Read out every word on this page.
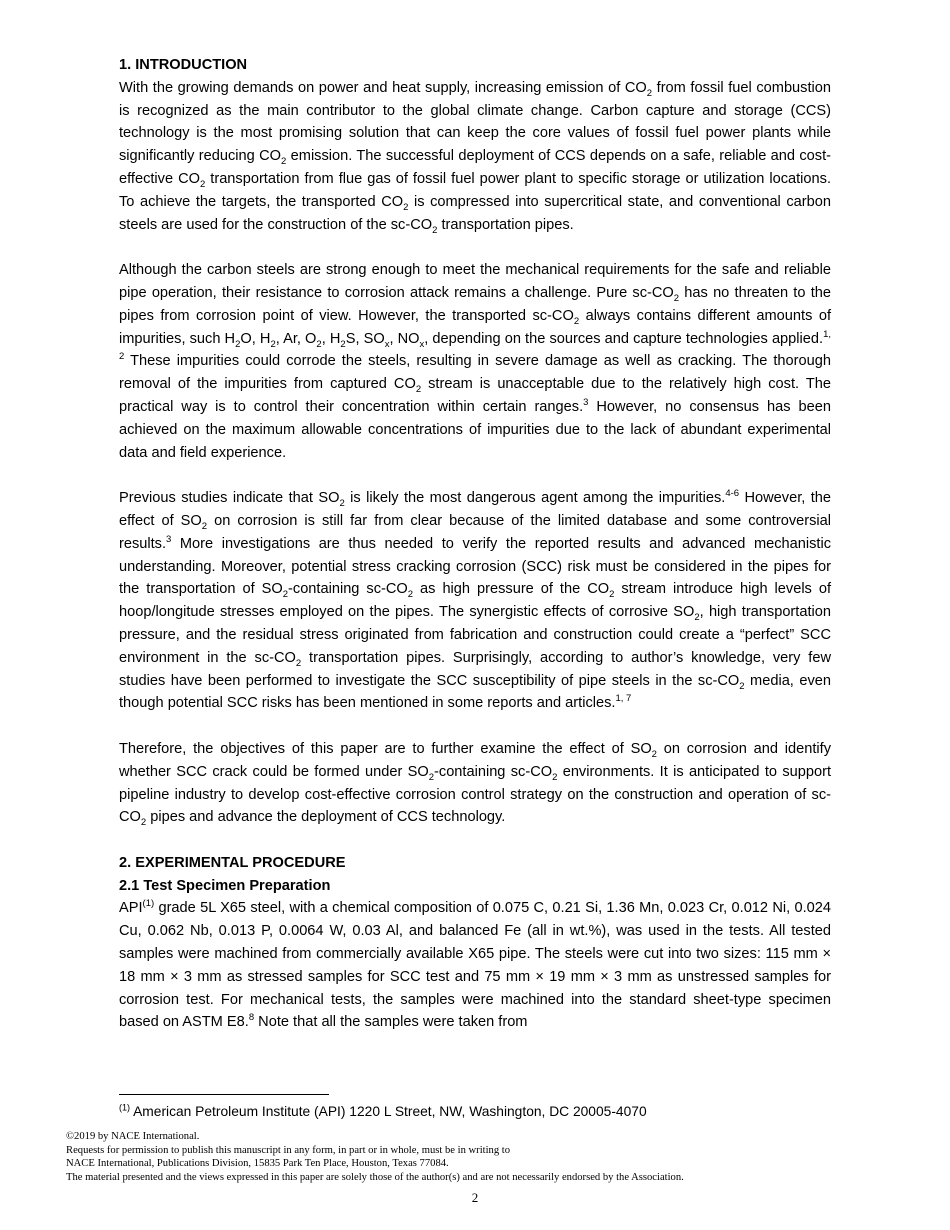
1. INTRODUCTION

With the growing demands on power and heat supply, increasing emission of $CO_2$ from fossil fuel combustion is recognized as the main contributor to the global climate change. Carbon capture and storage (CCS) technology is the most promising solution that can keep the core values of fossil fuel power plants while significantly reducing $CO_2$ emission. The successful deployment of CCS depends on a safe, reliable and cost-effective $CO_2$ transportation from flue gas of fossil fuel power plant to specific storage or utilization locations. To achieve the targets, the transported $CO_2$ is compressed into supercritical state, and conventional carbon steels are used for the construction of the $sc-CO_2$ transportation pipes.

Although the carbon steels are strong enough to meet the mechanical requirements for the safe and reliable pipe operation, their resistance to corrosion attack remains a challenge. Pure $sc-CO_2$ has no threaten to the pipes from corrosion point of view. However, the transported $sc-CO_2$ always contains different amounts of impurities, such $H_2O$, $H_2$, Ar, $O_2$, $H_2S$, $SO_x$, $NO_x$, depending on the sources and capture technologies applied.$^{1, 2}$ These impurities could corrode the steels, resulting in severe damage as well as cracking. The thorough removal of the impurities from captured $CO_2$ stream is unacceptable due to the relatively high cost. The practical way is to control their concentration within certain ranges.$^3$ However, no consensus has been achieved on the maximum allowable concentrations of impurities due to the lack of abundant experimental data and field experience.

Previous studies indicate that $SO_2$ is likely the most dangerous agent among the impurities.$^{4-6}$ However, the effect of $SO_2$ on corrosion is still far from clear because of the limited database and some controversial results.$^3$ More investigations are thus needed to verify the reported results and advanced mechanistic understanding. Moreover, potential stress cracking corrosion (SCC) risk must be considered in the pipes for the transportation of $SO_2$-containing $sc-CO_2$ as high pressure of the $CO_2$ stream introduce high levels of hoop/longitude stresses employed on the pipes. The synergistic effects of corrosive $SO_2$, high transportation pressure, and the residual stress originated from fabrication and construction could create a “perfect” SCC environment in the $sc-CO_2$ transportation pipes. Surprisingly, according to author’s knowledge, very few studies have been performed to investigate the SCC susceptibility of pipe steels in the $sc-CO_2$ media, even though potential SCC risks has been mentioned in some reports and articles.$^{1, 7}$

Therefore, the objectives of this paper are to further examine the effect of $SO_2$ on corrosion and identify whether SCC crack could be formed under $SO_2$-containing $sc-CO_2$ environments. It is anticipated to support pipeline industry to develop cost-effective corrosion control strategy on the construction and operation of $sc-CO_2$ pipes and advance the deployment of CCS technology.

2. EXPERIMENTAL PROCEDURE
2.1 Test Specimen Preparation

API$^{(1)}$ grade 5L X65 steel, with a chemical composition of 0.075 C, 0.21 Si, 1.36 Mn, 0.023 Cr, 0.012 Ni, 0.024 Cu, 0.062 Nb, 0.013 P, 0.0064 W, 0.03 Al, and balanced Fe (all in wt.%), was used in the tests. All tested samples were machined from commercially available X65 pipe. The steels were cut into two sizes: 115 mm × 18 mm × 3 mm as stressed samples for SCC test and 75 mm × 19 mm × 3 mm as unstressed samples for corrosion test. For mechanical tests, the samples were machined into the standard sheet-type specimen based on ASTM E8.$^8$ Note that all the samples were taken from

$^{(1)}$ American Petroleum Institute (API) 1220 L Street, NW, Washington, DC 20005-4070
©2019 by NACE International.
Requests for permission to publish this manuscript in any form, in part or in whole, must be in writing to
NACE International, Publications Division, 15835 Park Ten Place, Houston, Texas 77084.
The material presented and the views expressed in this paper are solely those of the author(s) and are not necessarily endorsed by the Association.
2
